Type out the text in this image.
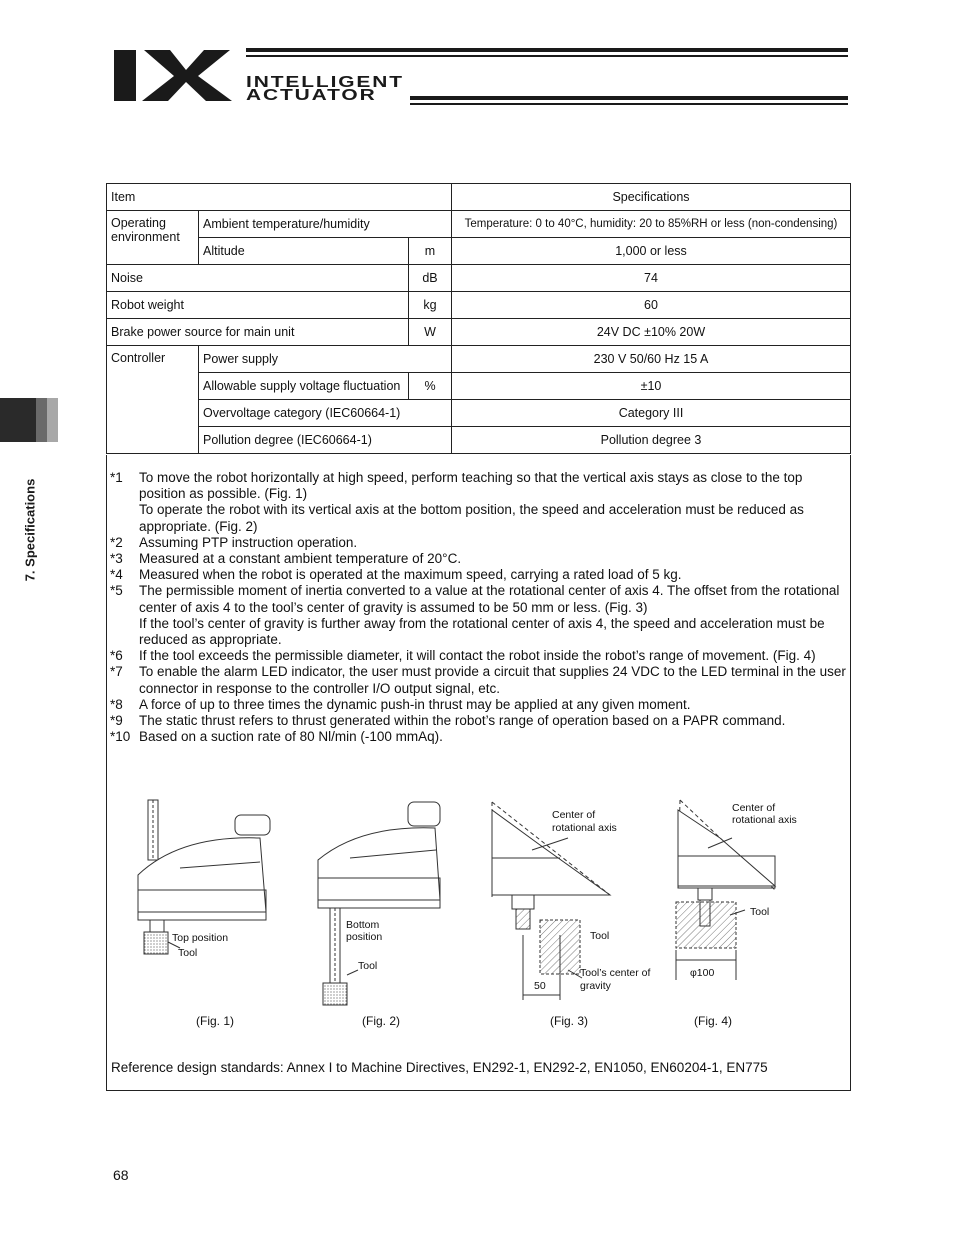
INTELLIGENT
ACTUATOR
7. Specifications
Item			Specifications
Operating environment	Ambient temperature/humidity		Temperature: 0 to 40°C, humidity: 20 to 85%RH or less (non-condensing)
	Altitude	m	1,000 or less
Noise		dB	74
Robot weight		kg	60
Brake power source for main unit		W	24V DC ±10% 20W
Controller	Power supply		230 V 50/60 Hz 15 A
	Allowable supply voltage fluctuation	%	±10
	Overvoltage category (IEC60664-1)		Category III
	Pollution degree (IEC60664-1)		Pollution degree 3
*1	To move the robot horizontally at high speed, perform teaching so that the vertical axis stays as close to the top position as possible. (Fig. 1)
To operate the robot with its vertical axis at the bottom position, the speed and acceleration must be reduced as appropriate. (Fig. 2)
*2	Assuming PTP instruction operation.
*3	Measured at a constant ambient temperature of 20°C.
*4	Measured when the robot is operated at the maximum speed, carrying a rated load of 5 kg.
*5	The permissible moment of inertia converted to a value at the rotational center of axis 4. The offset from the rotational center of axis 4 to the tool’s center of gravity is assumed to be 50 mm or less. (Fig. 3)
If the tool’s center of gravity is further away from the rotational center of axis 4, the speed and acceleration must be reduced as appropriate.
*6	If the tool exceeds the permissible diameter, it will contact the robot inside the robot’s range of movement. (Fig. 4)
*7	To enable the alarm LED indicator, the user must provide a circuit that supplies 24 VDC to the LED terminal in the user connector in response to the controller I/O output signal, etc.
*8	A force of up to three times the dynamic push-in thrust may be applied at any given moment.
*9	The static thrust refers to thrust generated within the robot’s range of operation based on a PAPR command.
*10 Based on a suction rate of 80 Nl/min (-100 mmAq).
Top position
Tool
Bottom
position
Tool
Center of
rotational axis
Tool
Tool’s center of
gravity
50
Center of
rotational axis
Tool
φ100
(Fig. 1)	(Fig. 2)	(Fig. 3)	(Fig. 4)
Reference design standards: Annex I to Machine Directives, EN292-1, EN292-2, EN1050, EN60204-1, EN775
68
